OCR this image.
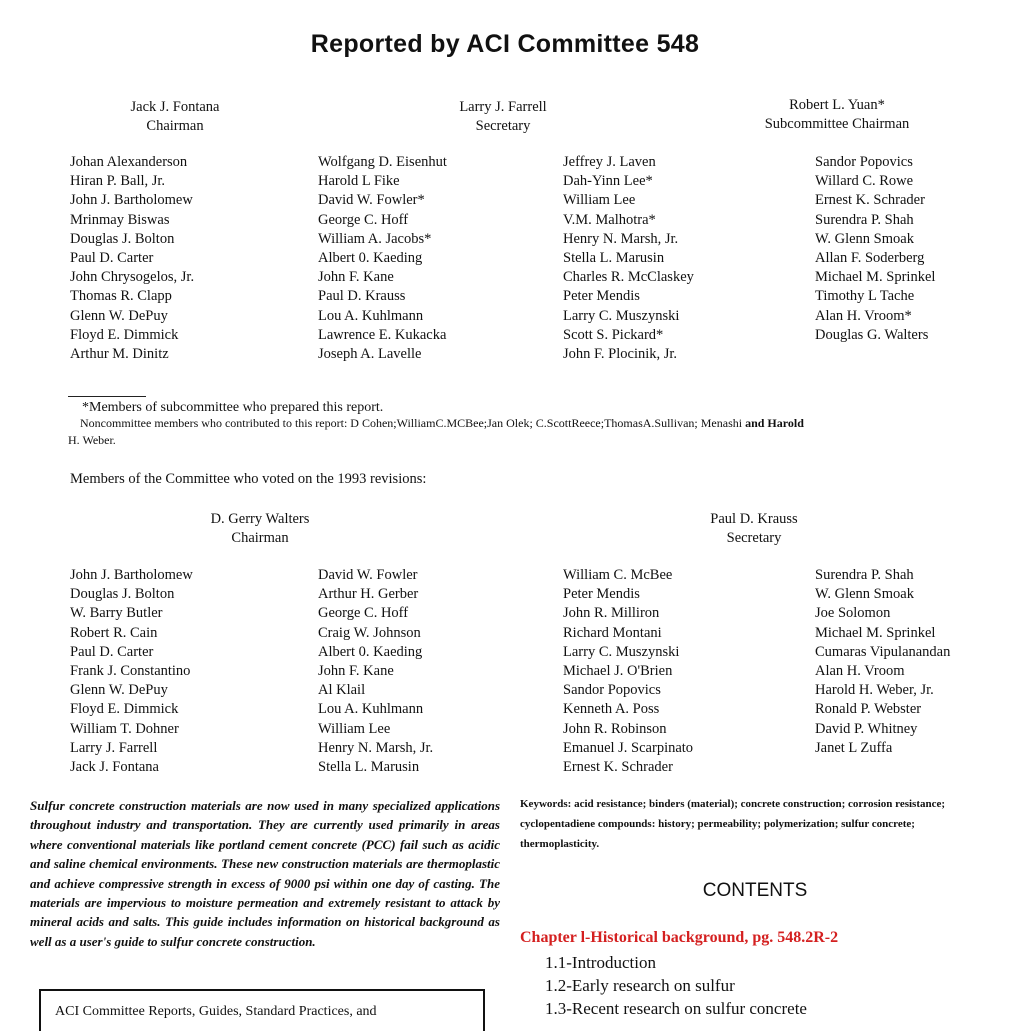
Reported by ACI Committee 548
Jack J. Fontana
Chairman
Larry J. Farrell
Secretary
Robert L. Yuan*
Subcommittee Chairman
Johan Alexanderson
Hiran P. Ball, Jr.
John J. Bartholomew
Mrinmay Biswas
Douglas J. Bolton
Paul D. Carter
John Chrysogelos, Jr.
Thomas R. Clapp
Glenn W. DePuy
Floyd E. Dimmick
Arthur M. Dinitz
Wolfgang D. Eisenhut
Harold L Fike
David W. Fowler*
George C. Hoff
William A. Jacobs*
Albert 0. Kaeding
John F. Kane
Paul D. Krauss
Lou A. Kuhlmann
Lawrence E. Kukacka
Joseph A. Lavelle
Jeffrey J. Laven
Dah-Yinn Lee*
William Lee
V.M. Malhotra*
Henry N. Marsh, Jr.
Stella L. Marusin
Charles R. McClaskey
Peter Mendis
Larry C. Muszynski
Scott S. Pickard*
John F. Plocinik, Jr.
Sandor Popovics
Willard C. Rowe
Ernest K. Schrader
Surendra P. Shah
W. Glenn Smoak
Allan F. Soderberg
Michael M. Sprinkel
Timothy L Tache
Alan H. Vroom*
Douglas G. Walters
*Members of subcommittee who prepared this report.
Noncommittee members who contributed to this report: D Cohen;WilliamC.MCBee;Jan Olek; C.ScottReece;ThomasA.Sullivan; Menashi and Harold
H. Weber.
Members of the Committee who voted on the 1993 revisions:
D. Gerry Walters
Chairman
Paul D. Krauss
Secretary
John J. Bartholomew
Douglas J. Bolton
W. Barry Butler
Robert R. Cain
Paul D. Carter
Frank J. Constantino
Glenn W. DePuy
Floyd E. Dimmick
William T. Dohner
Larry J. Farrell
Jack J. Fontana
David W. Fowler
Arthur H. Gerber
George C. Hoff
Craig W. Johnson
Albert 0. Kaeding
John F. Kane
Al Klail
Lou A. Kuhlmann
William Lee
Henry N. Marsh, Jr.
Stella L. Marusin
William C. McBee
Peter Mendis
John R. Milliron
Richard Montani
Larry C. Muszynski
Michael J. O'Brien
Sandor Popovics
Kenneth A. Poss
John R. Robinson
Emanuel J. Scarpinato
Ernest K. Schrader
Surendra P. Shah
W. Glenn Smoak
Joe Solomon
Michael M. Sprinkel
Cumaras Vipulanandan
Alan H. Vroom
Harold H. Weber, Jr.
Ronald P. Webster
David P. Whitney
Janet L Zuffa
Sulfur concrete construction materials are now used in many specialized applications throughout industry and transportation. They are currently used primarily in areas where conventional materials like portland cement concrete (PCC) fail such as acidic and saline chemical environments. These new construction materials are thermoplastic and achieve compressive strength in excess of 9000 psi within one day of casting. The materials are impervious to moisture permeation and extremely resistant to attack by mineral acids and salts. This guide includes information on historical background as well as a user's guide to sulfur concrete construction.
Keywords: acid resistance; binders (material); concrete construction; corrosion resistance; cyclopentadiene compounds: history; permeability; polymerization; sulfur concrete; thermoplasticity.
CONTENTS
Chapter l-Historical background, pg. 548.2R-2
1.1-Introduction
1.2-Early research on sulfur
1.3-Recent research on sulfur concrete
ACI Committee Reports, Guides, Standard Practices, and
